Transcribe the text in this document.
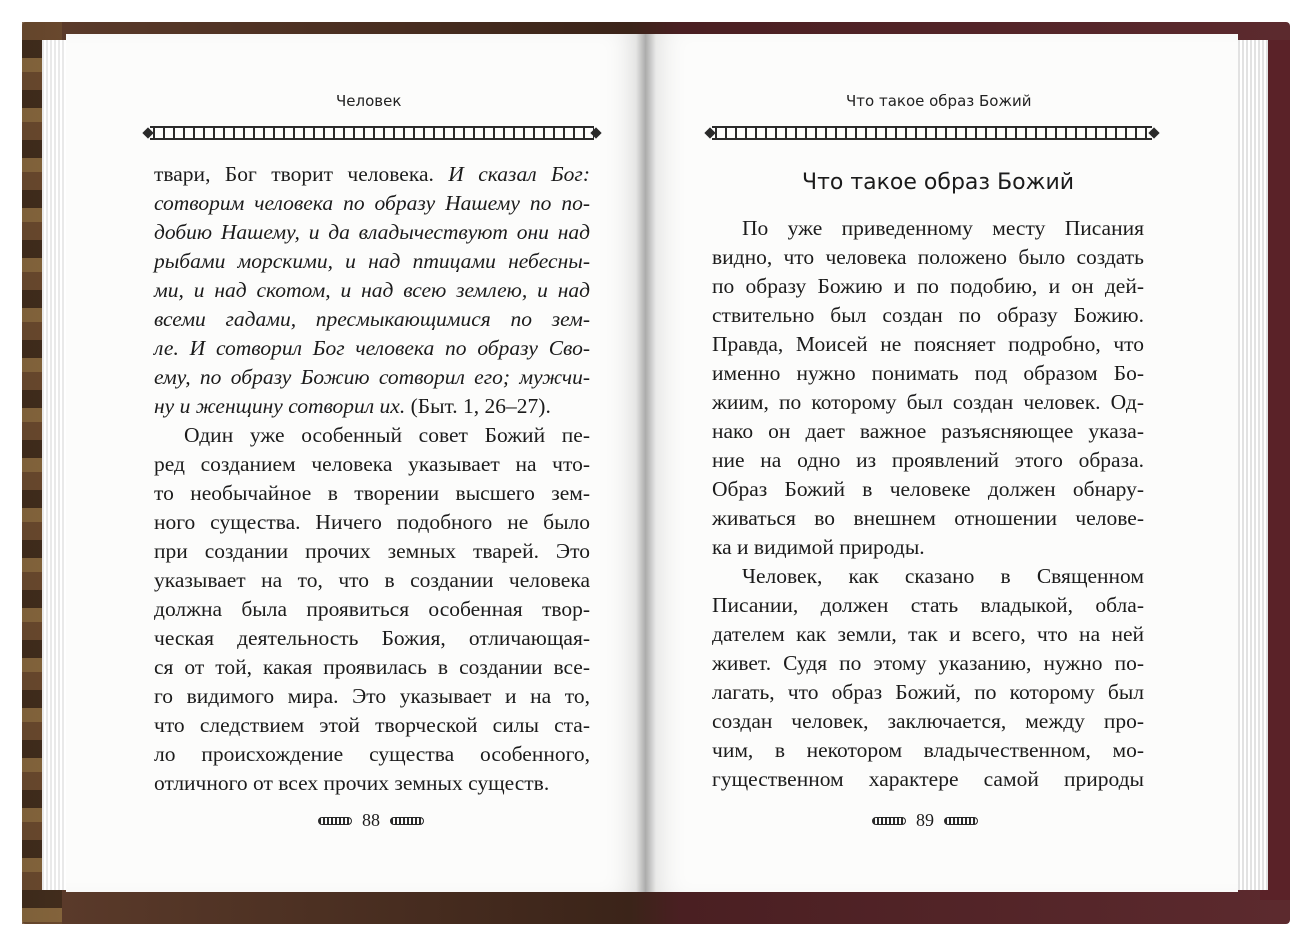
Человек
твари, Бог творит человека. И сказал Бог:
сотворим человека по образу Нашему по по-
добию Нашему, и да владычествуют они над
рыбами морскими, и над птицами небесны-
ми, и над скотом, и над всею землею, и над
всеми гадами, пресмыкающимися по зем-
ле. И сотворил Бог человека по образу Сво-
ему, по образу Божию сотворил его; мужчи-
ну и женщину сотворил их. (Быт. 1, 26–27).
Один уже особенный совет Божий пе-
ред созданием человека указывает на что-
то необычайное в творении высшего зем-
ного существа. Ничего подобного не было
при создании прочих земных тварей. Это
указывает на то, что в создании человека
должна была проявиться особенная твор-
ческая деятельность Божия, отличающая-
ся от той, какая проявилась в создании все-
го видимого мира. Это указывает и на то,
что следствием этой творческой силы ста-
ло происхождение существа особенного,
отличного от всех прочих земных существ.
88
Что такое образ Божий
Что такое образ Божий
По уже приведенному месту Писания
видно, что человека положено было создать
по образу Божию и по подобию, и он дей-
ствительно был создан по образу Божию.
Правда, Моисей не поясняет подробно, что
именно нужно понимать под образом Бо-
жиим, по которому был создан человек. Од-
нако он дает важное разъясняющее указа-
ние на одно из проявлений этого образа.
Образ Божий в человеке должен обнару-
живаться во внешнем отношении челове-
ка и видимой природы.
Человек, как сказано в Священном
Писании, должен стать владыкой, обла-
дателем как земли, так и всего, что на ней
живет. Судя по этому указанию, нужно по-
лагать, что образ Божий, по которому был
создан человек, заключается, между про-
чим, в некотором владычественном, мо-
гущественном характере самой природы
89
